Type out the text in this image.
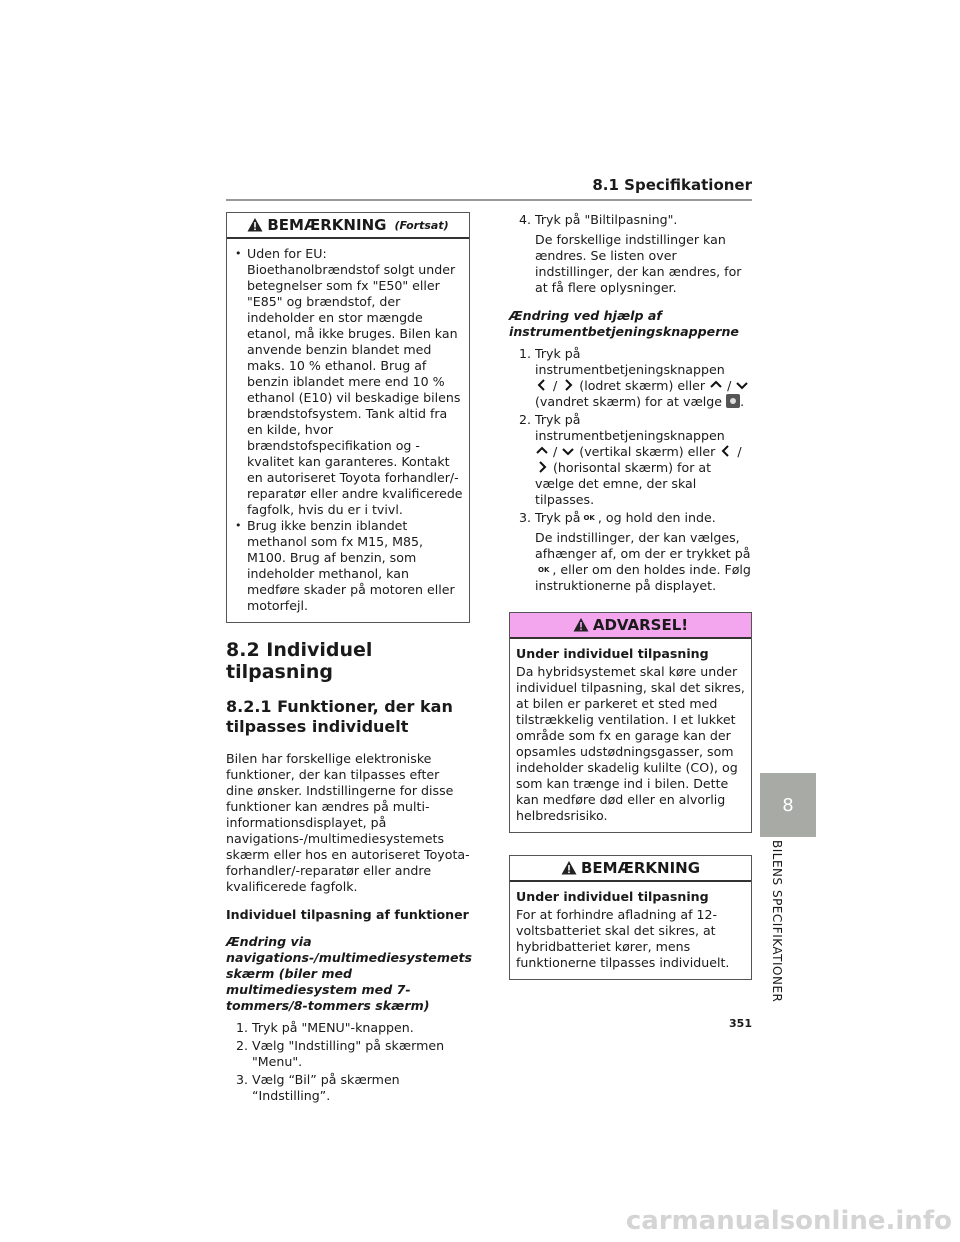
8.1 Specifikationer
BEMÆRKNING (Fortsat)
• Uden for EU: Bioethanolbrændstof solgt under betegnelser som fx "E50" eller "E85" og brændstof, der indeholder en stor mængde etanol, må ikke bruges. Bilen kan anvende benzin blandet med maks. 10 % ethanol. Brug af benzin iblandet mere end 10 % ethanol (E10) vil beskadige bilens brændstofsystem. Tank altid fra en kilde, hvor brændstofspecifikation og -kvalitet kan garanteres. Kontakt en autoriseret Toyota forhandler/-reparatør eller andre kvalificerede fagfolk, hvis du er i tvivl.
• Brug ikke benzin iblandet methanol som fx M15, M85, M100. Brug af benzin, som indeholder methanol, kan medføre skader på motoren eller motorfejl.
8.2 Individuel tilpasning
8.2.1 Funktioner, der kan tilpasses individuelt

Bilen har forskellige elektroniske funktioner, der kan tilpasses efter dine ønsker. Indstillingerne for disse funktioner kan ændres på multi-informationsdisplayet, på navigations-/multimediesystemets skærm eller hos en autoriseret Toyota-forhandler/-reparatør eller andre kvalificerede fagfolk.

Individuel tilpasning af funktioner

Ændring via navigations-/multimediesystemets skærm (biler med multimediesystem med 7-tommers/8-tommers skærm)

1. Tryk på "MENU"-knappen.
2. Vælg "Indstilling" på skærmen "Menu".
3. Vælg “Bil” på skærmen “Indstilling”.
4. Tryk på "Biltilpasning".

De forskellige indstillinger kan ændres. Se listen over indstillinger, der kan ændres, for at få flere oplysninger.

Ændring ved hjælp af instrumentbetjeningsknapperne

1. Tryk på instrumentbetjeningsknappen
/ (lodret skærm) eller /
(vandret skærm) for at vælge .
2. Tryk på instrumentbetjeningsknappen
/ (vertikal skærm) eller /
(horisontal skærm) for at vælge det emne, der skal tilpasses.
3. Tryk på OK , og hold den inde.

De indstillinger, der kan vælges, afhænger af, om der er trykket påOK , eller om den holdes inde. Følg instruktionerne på displayet.

ADVARSEL!
Under individuel tilpasning
Da hybridsystemet skal køre under individuel tilpasning, skal det sikres, at bilen er parkeret et sted med tilstrækkelig ventilation. I et lukket område som fx en garage kan der opsamles udstødningsgasser, som indeholder skadelig kulilte (CO), og som kan trænge ind i bilen. Dette kan medføre død eller en alvorlig helbredsrisiko.
BEMÆRKNING
Under individuel tilpasning
For at forhindre afladning af 12-voltsbatteriet skal det sikres, at hybridbatteriet kører, mens funktionerne tilpasses individuelt.
8
BILENS SPECIFIKATIONER
351
carmanualsonline.info
